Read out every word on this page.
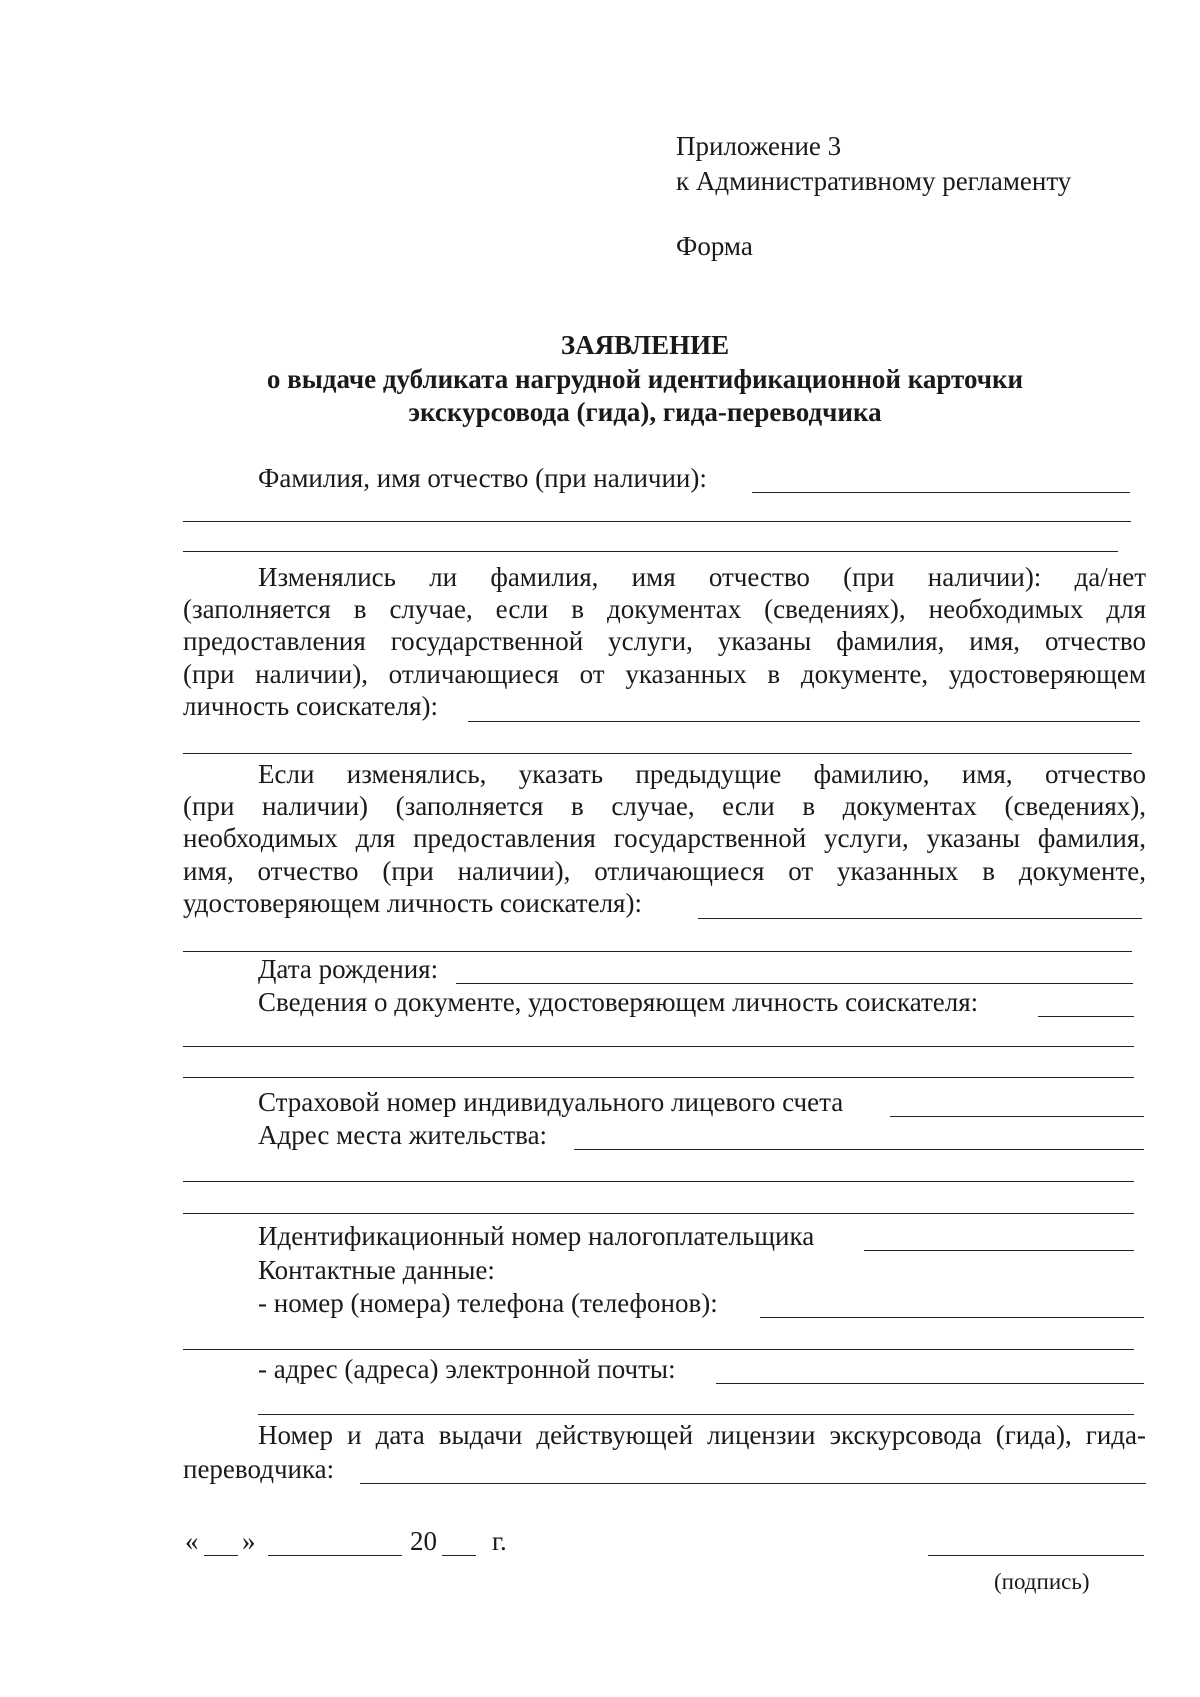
Приложение 3
к Административному регламенту
Форма
ЗАЯВЛЕНИЕ
о выдаче дубликата нагрудной идентификационной карточки
экскурсовода (гида), гида-переводчика
Фамилия, имя отчество (при наличии):
Изменялись ли фамилия, имя отчество (при наличии): да/нет
(заполняется в случае, если в документах (сведениях), необходимых для
предоставления государственной услуги, указаны фамилия, имя, отчество
(при наличии), отличающиеся от указанных в документе, удостоверяющем
личность соискателя):
Если изменялись, указать предыдущие фамилию, имя, отчество
(при наличии) (заполняется в случае, если в документах (сведениях),
необходимых для предоставления государственной услуги, указаны фамилия,
имя, отчество (при наличии), отличающиеся от указанных в документе,
удостоверяющем личность соискателя):
Дата рождения:
Сведения о документе, удостоверяющем личность соискателя:
Страховой номер индивидуального лицевого счета
Адрес места жительства:
Идентификационный номер налогоплательщика
Контактные данные:
- номер (номера) телефона (телефонов):
- адрес (адреса) электронной почты:
Номер и дата выдачи действующей лицензии экскурсовода (гида), гида-
переводчика:
« »	20 г.
(подпись)
